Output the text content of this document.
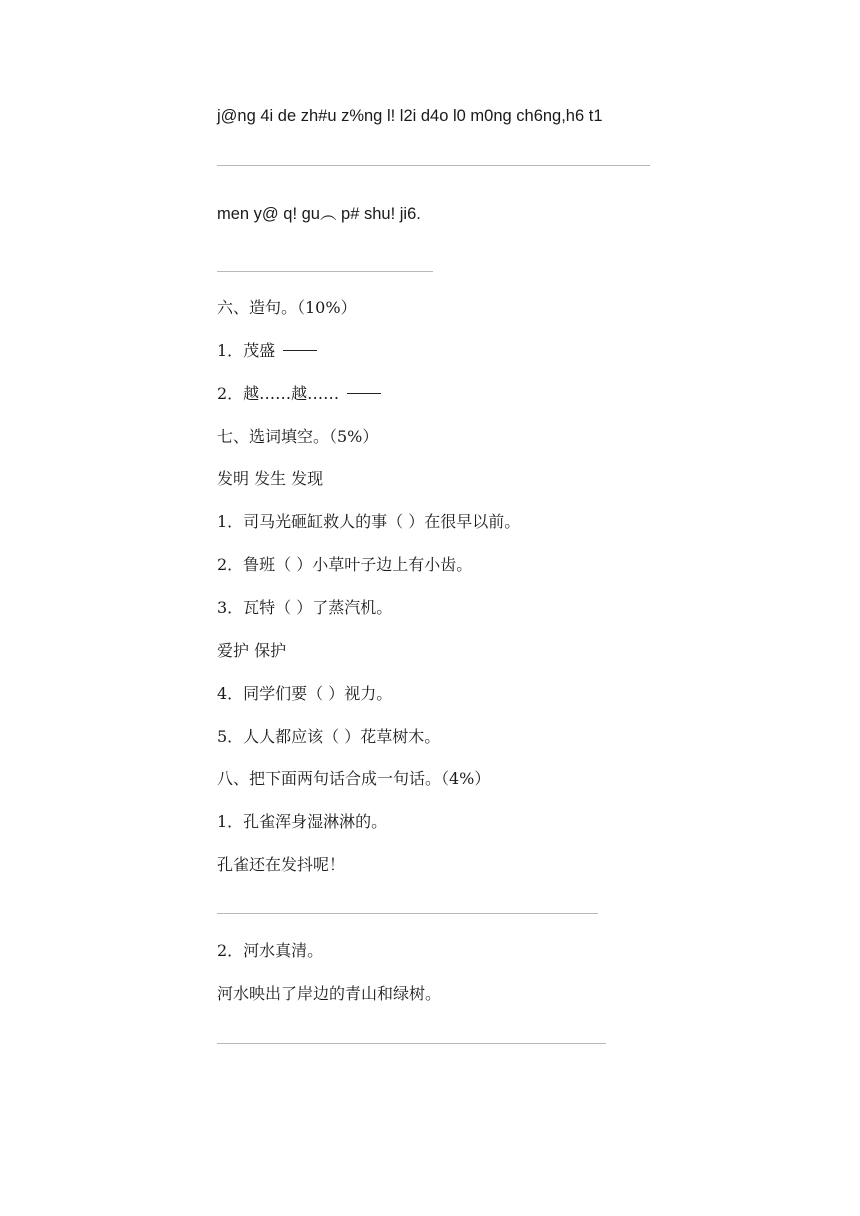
j@ng 4i de zh#u z%ng l! l2i d4o l0 m0ng ch6ng,h6 t1
men y@ q! gu︵ p# shu! ji6.
六、造句。（10%）
1．茂盛
2．越……越……
七、选词填空。（5%）
发明 发生 发现
1．司马光砸缸救人的事（ ）在很早以前。
2．鲁班（ ）小草叶子边上有小齿。
3．瓦特（ ）了蒸汽机。
爱护 保护
4．同学们要（ ）视力。
5．人人都应该（ ）花草树木。
八、把下面两句话合成一句话。（4%）
1．孔雀浑身湿淋淋的。
孔雀还在发抖呢！
2．河水真清。
河水映出了岸边的青山和绿树。
